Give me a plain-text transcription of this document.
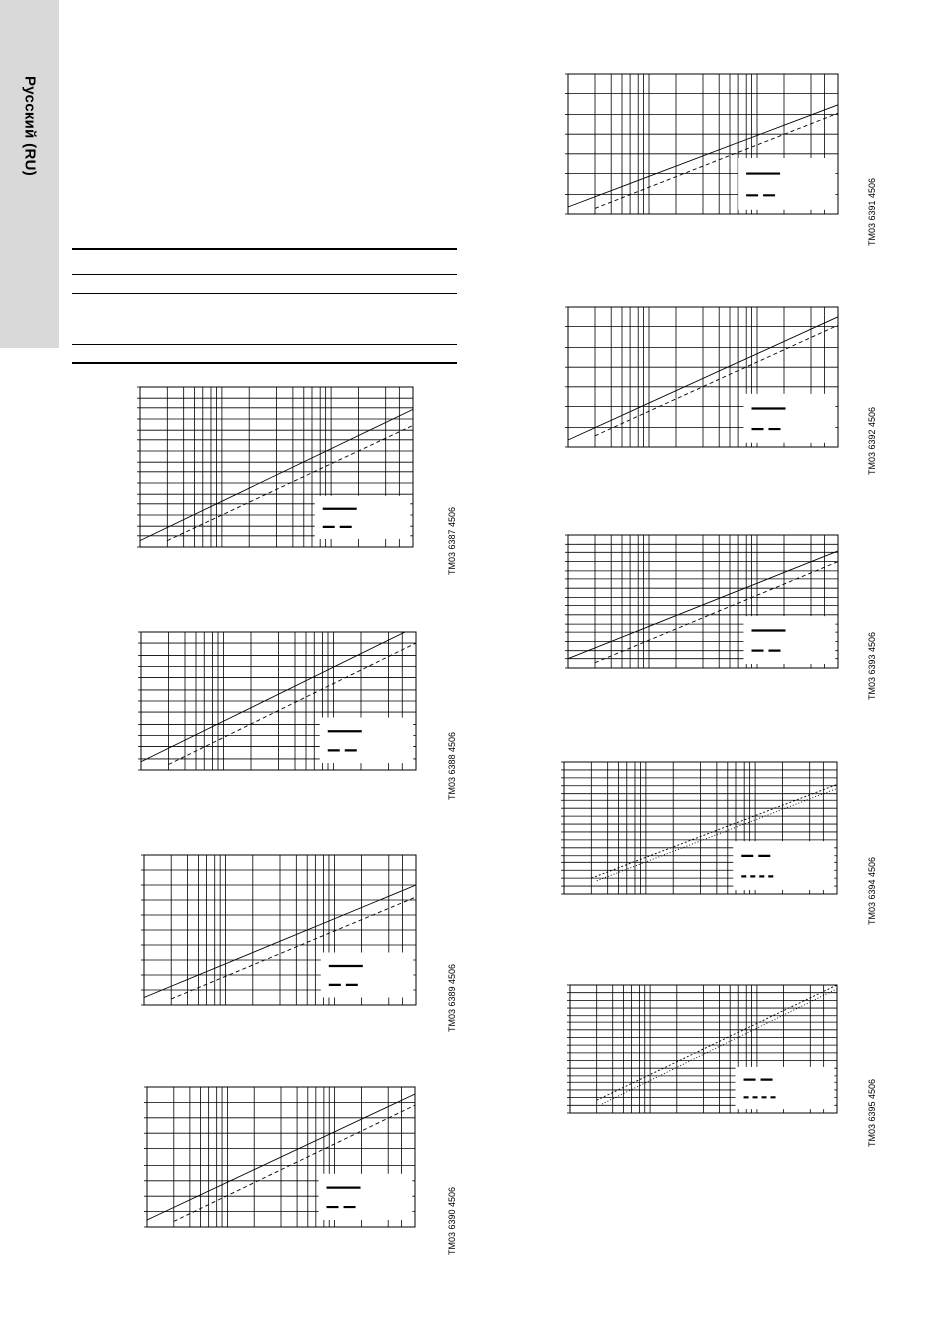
Русский (RU)
TM03 6387 4506
TM03 6388 4506
TM03 6389 4506
TM03 6390 4506
TM03 6391 4506
TM03 6392 4506
TM03 6393 4506
TM03 6394 4506
TM03 6395 4506
